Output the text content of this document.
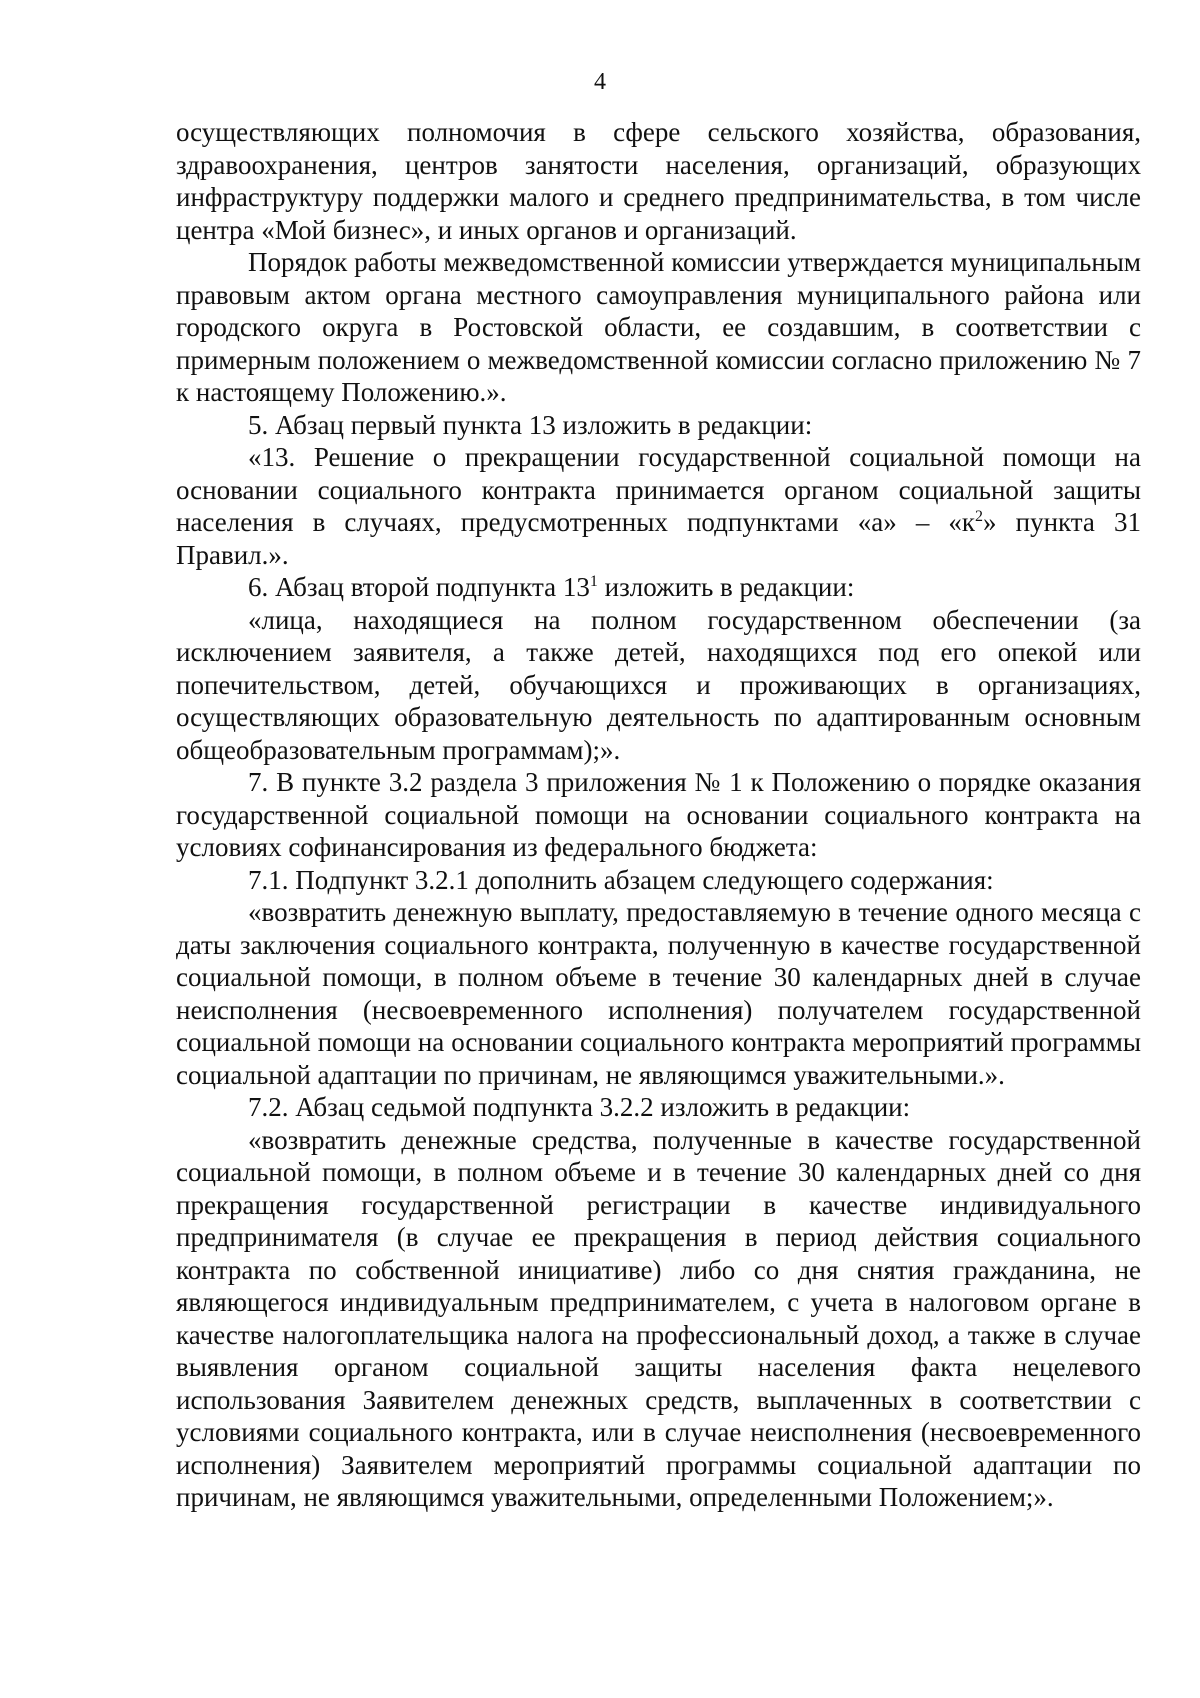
4

осуществляющих полномочия в сфере сельского хозяйства, образования, здравоохранения, центров занятости населения, организаций, образующих инфраструктуру поддержки малого и среднего предпринимательства, в том числе центра «Мой бизнес», и иных органов и организаций.

Порядок работы межведомственной комиссии утверждается муниципальным правовым актом органа местного самоуправления муниципального района или городского округа в Ростовской области, ее создавшим, в соответствии с примерным положением о межведомственной комиссии согласно приложению № 7 к настоящему Положению.».

5. Абзац первый пункта 13 изложить в редакции:

«13. Решение о прекращении государственной социальной помощи на основании социального контракта принимается органом социальной защиты населения в случаях, предусмотренных подпунктами «а» – «$к^2$» пункта 31 Правил.».

6. Абзац второй подпункта $13^1$ изложить в редакции:

«лица, находящиеся на полном государственном обеспечении (за исключением заявителя, а также детей, находящихся под его опекой или попечительством, детей, обучающихся и проживающих в организациях, осуществляющих образовательную деятельность по адаптированным основным общеобразовательным программам);».

7. В пункте 3.2 раздела 3 приложения № 1 к Положению о порядке оказания государственной социальной помощи на основании социального контракта на условиях софинансирования из федерального бюджета:

7.1. Подпункт 3.2.1 дополнить абзацем следующего содержания:

«возвратить денежную выплату, предоставляемую в течение одного месяца с даты заключения социального контракта, полученную в качестве государственной социальной помощи, в полном объеме в течение 30 календарных дней в случае неисполнения (несвоевременного исполнения) получателем государственной социальной помощи на основании социального контракта мероприятий программы социальной адаптации по причинам, не являющимся уважительными.».

7.2. Абзац седьмой подпункта 3.2.2 изложить в редакции:

«возвратить денежные средства, полученные в качестве государственной социальной помощи, в полном объеме и в течение 30 календарных дней со дня прекращения государственной регистрации в качестве индивидуального предпринимателя (в случае ее прекращения в период действия социального контракта по собственной инициативе) либо со дня снятия гражданина, не являющегося индивидуальным предпринимателем, с учета в налоговом органе в качестве налогоплательщика налога на профессиональный доход, а также в случае выявления органом социальной защиты населения факта нецелевого использования Заявителем денежных средств, выплаченных в соответствии с условиями социального контракта, или в случае неисполнения (несвоевременного исполнения) Заявителем мероприятий программы социальной адаптации по причинам, не являющимся уважительными, определенными Положением;».
